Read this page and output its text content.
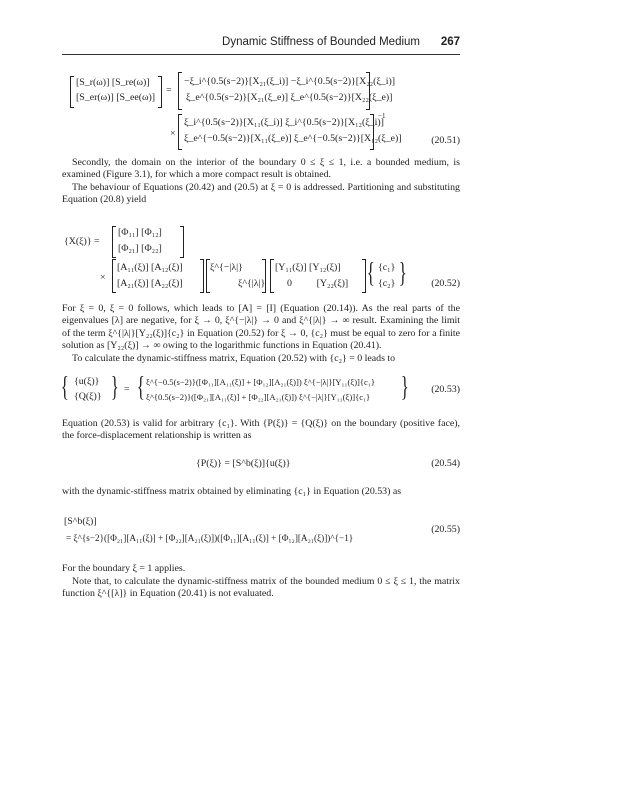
Dynamic Stiffness of Bounded Medium 267
[S_r(ω)] [S_re(ω)]
[S_er(ω)] [S_ee(ω)]
=
−ξ_i^{0.5(s−2)}[X₂₁(ξ_i)] −ξ_i^{0.5(s−2)}[X₂₂(ξ_i)]
ξ_e^{0.5(s−2)}[X₂₁(ξ_e)] ξ_e^{0.5(s−2)}[X₂₂(ξ_e)]
×
ξ_i^{0.5(s−2)}[X₁₁(ξ_i)] ξ_i^{0.5(s−2)}[X₁₂(ξ_i)]
ξ_e^{−0.5(s−2)}[X₁₁(ξ_e)] ξ_e^{−0.5(s−2)}[X₁₂(ξ_e)]
−1
(20.51)
Secondly, the domain on the interior of the boundary 0 ≤ ξ ≤ 1, i.e. a bounded medium, is examined (Figure 3.1), for which a more compact result is obtained.
The behaviour of Equations (20.42) and (20.5) at ξ = 0 is addressed. Partitioning and substituting Equation (20.8) yield
{X(ξ)} =
[Φ₁₁] [Φ₁₂]
[Φ₂₁] [Φ₂₂]
×
[A₁₁(ξ)] [A₁₂(ξ)]
[A₂₁(ξ)] [A₂₂(ξ)]
ξ^{−|λ|}
ξ^{|λ|}
[Y₁₁(ξ)] [Y₁₂(ξ)]
0          [Y₂₂(ξ)] { {c₁}
{c₂} } (20.52)
For ξ = 0, ξ = 0 follows, which leads to [A] = [I] (Equation (20.14)). As the real parts of the eigenvalues [λ] are negative, for ξ → 0, ξ^{−|λ|} → 0 and ξ^{|λ|} → ∞ result. Examining the limit of the term ξ^{|λ|}[Y₂₂(ξ)]{c₂} in Equation (20.52) for ξ → 0, {c₂} must be equal to zero for a finite solution as [Y₂₂(ξ)] → ∞ owing to the logarithmic functions in Equation (20.41).
To calculate the dynamic-stiffness matrix, Equation (20.52) with {c₂} = 0 leads to
{ {u(ξ)}
{Q(ξ)} } = { ξ^{−0.5(s−2)}([Φ₁₁][A₁₁(ξ)] + [Φ₁₂][A₂₁(ξ)]) ξ^{−|λ|}[Y₁₁(ξ)]{c₁}
ξ^{0.5(s−2)}([Φ₂₁][A₁₁(ξ)] + [Φ₂₂][A₂₁(ξ)]) ξ^{−|λ|}[Y₁₁(ξ)]{c₁} } (20.53)
Equation (20.53) is valid for arbitrary {c₁}. With {P(ξ)} = {Q(ξ)} on the boundary (positive face), the force-displacement relationship is written as
{P(ξ)} = [S^b(ξ)]{u(ξ)}	(20.54)
with the dynamic-stiffness matrix obtained by eliminating {c₁} in Equation (20.53) as
[S^b(ξ)]
= ξ^{s−2}([Φ₂₁][A₁₁(ξ)] + [Φ₂₂][A₂₁(ξ)])([Φ₁₁][A₁₁(ξ)] + [Φ₁₂][A₂₁(ξ)])^{−1}
(20.55)
For the boundary ξ = 1 applies.
Note that, to calculate the dynamic-stiffness matrix of the bounded medium 0 ≤ ξ ≤ 1, the matrix function ξ^{[λ]} in Equation (20.41) is not evaluated.
